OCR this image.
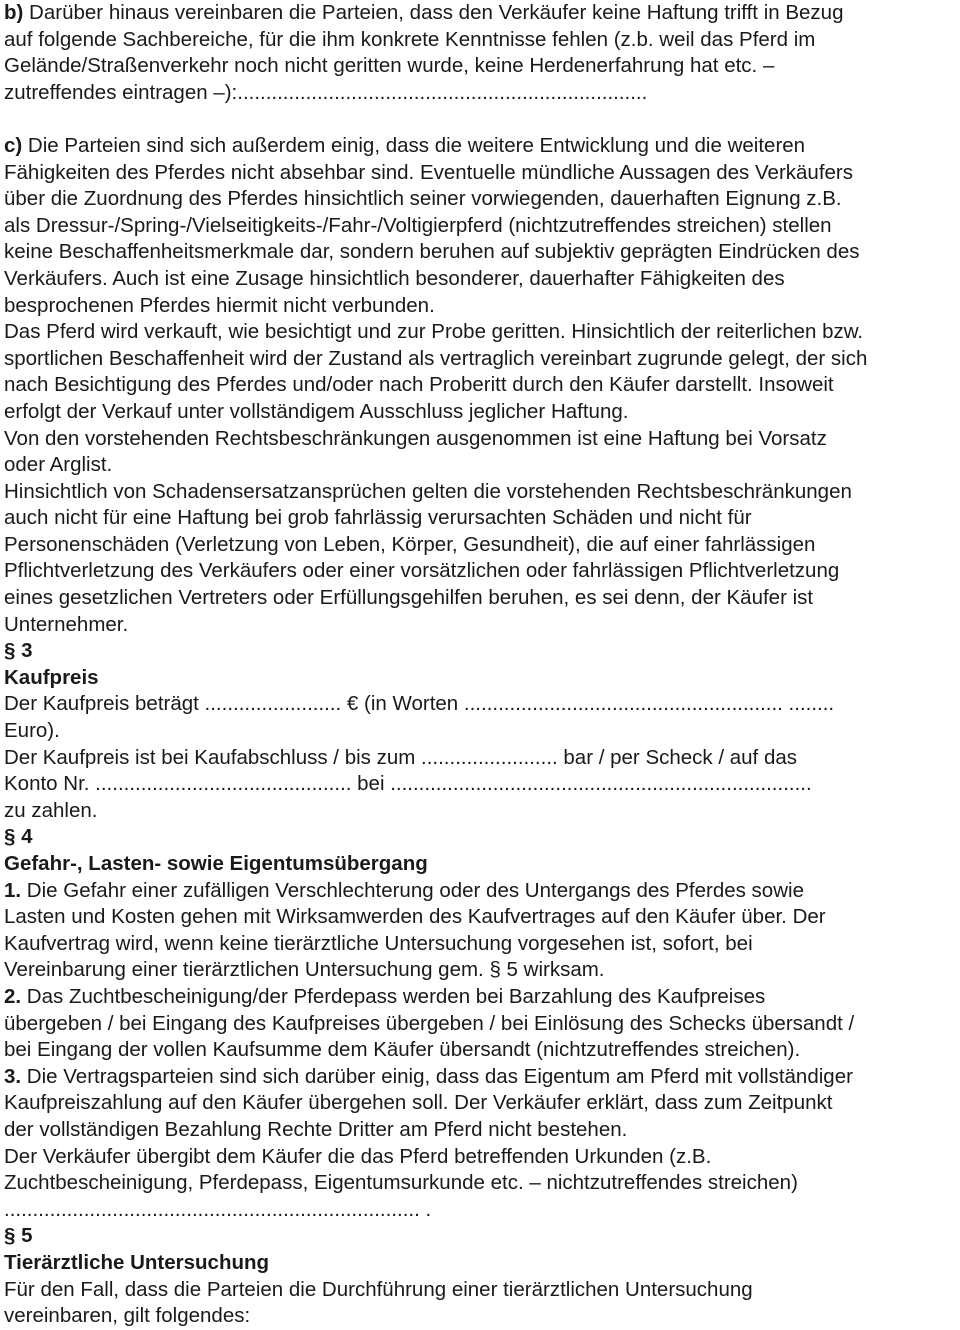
b) Darüber hinaus vereinbaren die Parteien, dass den Verkäufer keine Haftung trifft in Bezug

auf folgende Sachbereiche, für die ihm konkrete Kenntnisse fehlen (z.b. weil das Pferd im

Gelände/Straßenverkehr noch nicht geritten wurde, keine Herdenerfahrung hat etc. –

zutreffendes eintragen –):........................................................................

c) Die Parteien sind sich außerdem einig, dass die weitere Entwicklung und die weiteren

Fähigkeiten des Pferdes nicht absehbar sind. Eventuelle mündliche Aussagen des Verkäufers

über die Zuordnung des Pferdes hinsichtlich seiner vorwiegenden, dauerhaften Eignung z.B.

als Dressur-/Spring-/Vielseitigkeits-/Fahr-/Voltigierpferd (nichtzutreffendes streichen) stellen

keine Beschaffenheitsmerkmale dar, sondern beruhen auf subjektiv geprägten Eindrücken des

Verkäufers. Auch ist eine Zusage hinsichtlich besonderer, dauerhafter Fähigkeiten des

besprochenen Pferdes hiermit nicht verbunden.

Das Pferd wird verkauft, wie besichtigt und zur Probe geritten. Hinsichtlich der reiterlichen bzw.

sportlichen Beschaffenheit wird der Zustand als vertraglich vereinbart zugrunde gelegt, der sich

nach Besichtigung des Pferdes und/oder nach Proberitt durch den Käufer darstellt. Insoweit

erfolgt der Verkauf unter vollständigem Ausschluss jeglicher Haftung.

Von den vorstehenden Rechtsbeschränkungen ausgenommen ist eine Haftung bei Vorsatz

oder Arglist.

Hinsichtlich von Schadensersatzansprüchen gelten die vorstehenden Rechtsbeschränkungen

auch nicht für eine Haftung bei grob fahrlässig verursachten Schäden und nicht für

Personenschäden (Verletzung von Leben, Körper, Gesundheit), die auf einer fahrlässigen

Pflichtverletzung des Verkäufers oder einer vorsätzlichen oder fahrlässigen Pflichtverletzung

eines gesetzlichen Vertreters oder Erfüllungsgehilfen beruhen, es sei denn, der Käufer ist

Unternehmer.

§ 3

Kaufpreis

Der Kaufpreis beträgt ........................ € (in Worten ........................................................ ........

Euro).

Der Kaufpreis ist bei Kaufabschluss / bis zum ........................ bar / per Scheck / auf das

Konto Nr. ............................................. bei ..........................................................................

zu zahlen.

§ 4

Gefahr-, Lasten- sowie Eigentumsübergang

1. Die Gefahr einer zufälligen Verschlechterung oder des Untergangs des Pferdes sowie

Lasten und Kosten gehen mit Wirksamwerden des Kaufvertrages auf den Käufer über. Der

Kaufvertrag wird, wenn keine tierärztliche Untersuchung vorgesehen ist, sofort, bei

Vereinbarung einer tierärztlichen Untersuchung gem. § 5 wirksam.

2. Das Zuchtbescheinigung/der Pferdepass werden bei Barzahlung des Kaufpreises

übergeben / bei Eingang des Kaufpreises übergeben / bei Einlösung des Schecks übersandt /

bei Eingang der vollen Kaufsumme dem Käufer übersandt (nichtzutreffendes streichen).

3. Die Vertragsparteien sind sich darüber einig, dass das Eigentum am Pferd mit vollständiger

Kaufpreiszahlung auf den Käufer übergehen soll. Der Verkäufer erklärt, dass zum Zeitpunkt

der vollständigen Bezahlung Rechte Dritter am Pferd nicht bestehen.

Der Verkäufer übergibt dem Käufer die das Pferd betreffenden Urkunden (z.B.

Zuchtbescheinigung, Pferdepass, Eigentumsurkunde etc. – nichtzutreffendes streichen)

......................................................................... .

§ 5

Tierärztliche Untersuchung

Für den Fall, dass die Parteien die Durchführung einer tierärztlichen Untersuchung

vereinbaren, gilt folgendes:
